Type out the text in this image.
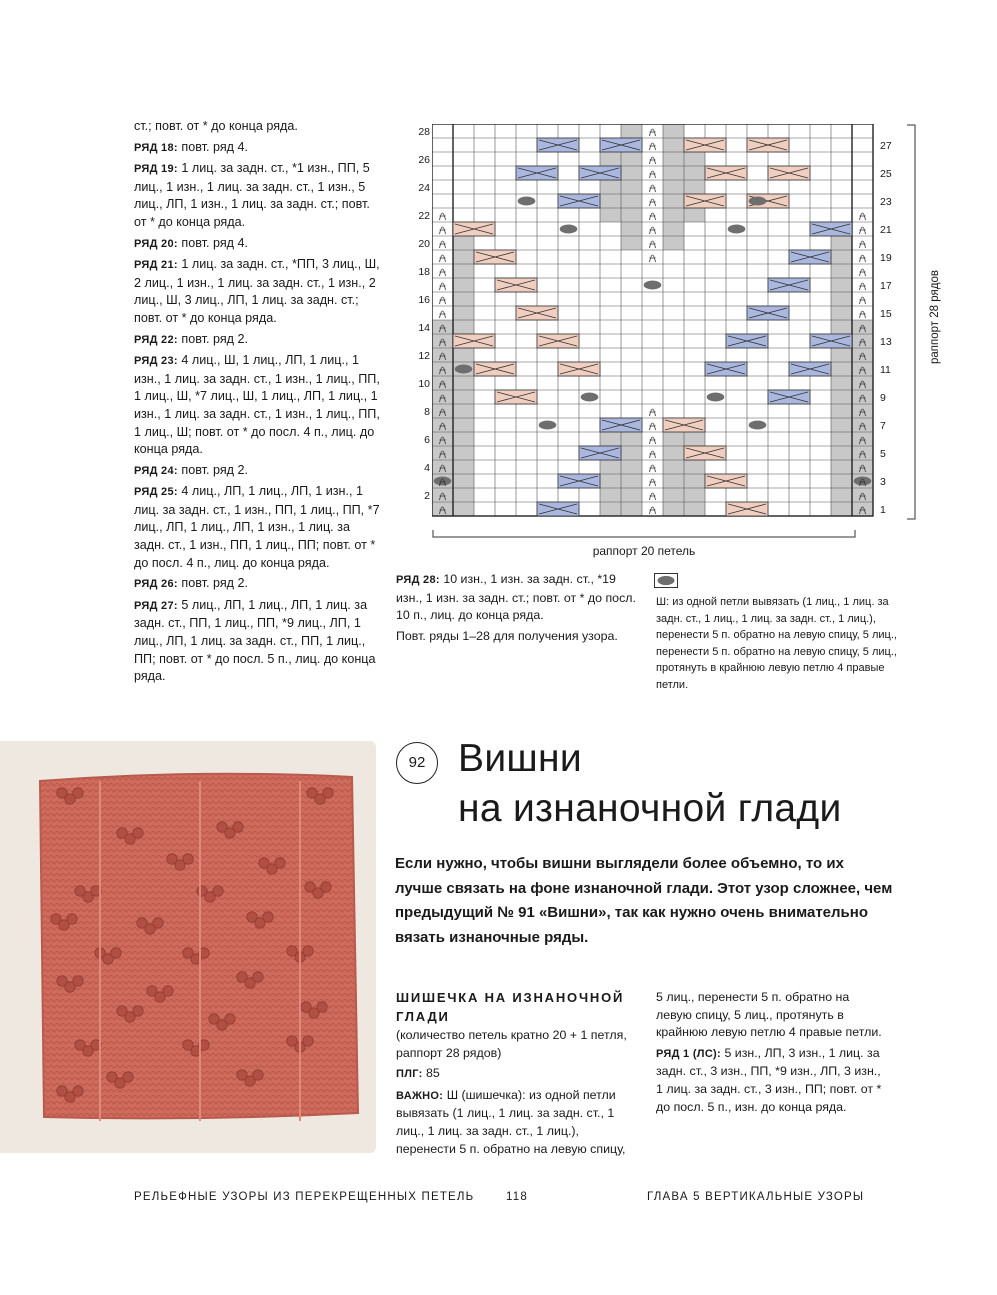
ст.; повт. от * до конца ряда.

РЯД 18: повт. ряд 4.

РЯД 19: 1 лиц. за задн. ст., *1 изн., ПП, 5 лиц., 1 изн., 1 лиц. за задн. ст., 1 изн., 5 лиц., ЛП, 1 изн., 1 лиц. за задн. ст.; повт. от * до конца ряда.

РЯД 20: повт. ряд 4.

РЯД 21: 1 лиц. за задн. ст., *ПП, 3 лиц., Ш, 2 лиц., 1 изн., 1 лиц. за задн. ст., 1 изн., 2 лиц., Ш, 3 лиц., ЛП, 1 лиц. за задн. ст.; повт. от * до конца ряда.

РЯД 22: повт. ряд 2.

РЯД 23: 4 лиц., Ш, 1 лиц., ЛП, 1 лиц., 1 изн., 1 лиц. за задн. ст., 1 изн., 1 лиц., ПП, 1 лиц., Ш, *7 лиц., Ш, 1 лиц., ЛП, 1 лиц., 1 изн., 1 лиц. за задн. ст., 1 изн., 1 лиц., ПП, 1 лиц., Ш; повт. от * до посл. 4 п., лиц. до конца ряда.

РЯД 24: повт. ряд 2.

РЯД 25: 4 лиц., ЛП, 1 лиц., ЛП, 1 изн., 1 лиц. за задн. ст., 1 изн., ПП, 1 лиц., ПП, *7 лиц., ЛП, 1 лиц., ЛП, 1 изн., 1 лиц. за задн. ст., 1 изн., ПП, 1 лиц., ПП; повт. от * до посл. 4 п., лиц. до конца ряда.

РЯД 26: повт. ряд 2.

РЯД 27: 5 лиц., ЛП, 1 лиц., ЛП, 1 лиц. за задн. ст., ПП, 1 лиц., ПП, *9 лиц., ЛП, 1 лиц., ЛП, 1 лиц. за задн. ст., ПП, 1 лиц., ПП; повт. от * до посл. 5 п., лиц. до конца ряда.

28
26
24
22
20
18
16
14
12
10
8
6
4
2
27
25
23
21
19
17
15
13
11
9
7
5
3
1
раппорт 28 рядов
раппорт 20 петель

РЯД 28: 10 изн., 1 изн. за задн. ст., *19 изн., 1 изн. за задн. ст.; повт. от * до посл. 10 п., лиц. до конца ряда.

Повт. ряды 1–28 для получения узора.

Ш: из одной петли вывязать (1 лиц., 1 лиц. за задн. ст., 1 лиц., 1 лиц. за задн. ст., 1 лиц.), перенести 5 п. обратно на левую спицу, 5 лиц., перенести 5 п. обратно на левую спицу, 5 лиц., протянуть в крайнюю левую петлю 4 правые петли.
92 Вишни
на изнаночной глади
Если нужно, чтобы вишни выглядели более объемно, то их лучше связать на фоне изнаночной глади. Этот узор сложнее, чем предыдущий № 91 «Вишни», так как нужно очень внимательно вязать изнаночные ряды.
ШИШЕЧКА НА ИЗНАНОЧНОЙ ГЛАДИ
(количество петель кратно 20 + 1 петля, раппорт 28 рядов)
ПЛГ: 85
ВАЖНО: Ш (шишечка): из одной петли вывязать (1 лиц., 1 лиц. за задн. ст., 1 лиц., 1 лиц. за задн. ст., 1 лиц.), перенести 5 п. обратно на левую спицу,
5 лиц., перенести 5 п. обратно на левую спицу, 5 лиц., протянуть в крайнюю левую петлю 4 правые петли.
РЯД 1 (ЛС): 5 изн., ЛП, 3 изн., 1 лиц. за задн. ст., 3 изн., ПП, *9 изн., ЛП, 3 изн., 1 лиц. за задн. ст., 3 изн., ПП; повт. от * до посл. 5 п., изн. до конца ряда.
РЕЛЬЕФНЫЕ УЗОРЫ ИЗ ПЕРЕКРЕЩЕННЫХ ПЕТЕЛЬ	118	ГЛАВА 5 ВЕРТИКАЛЬНЫЕ УЗОРЫ
